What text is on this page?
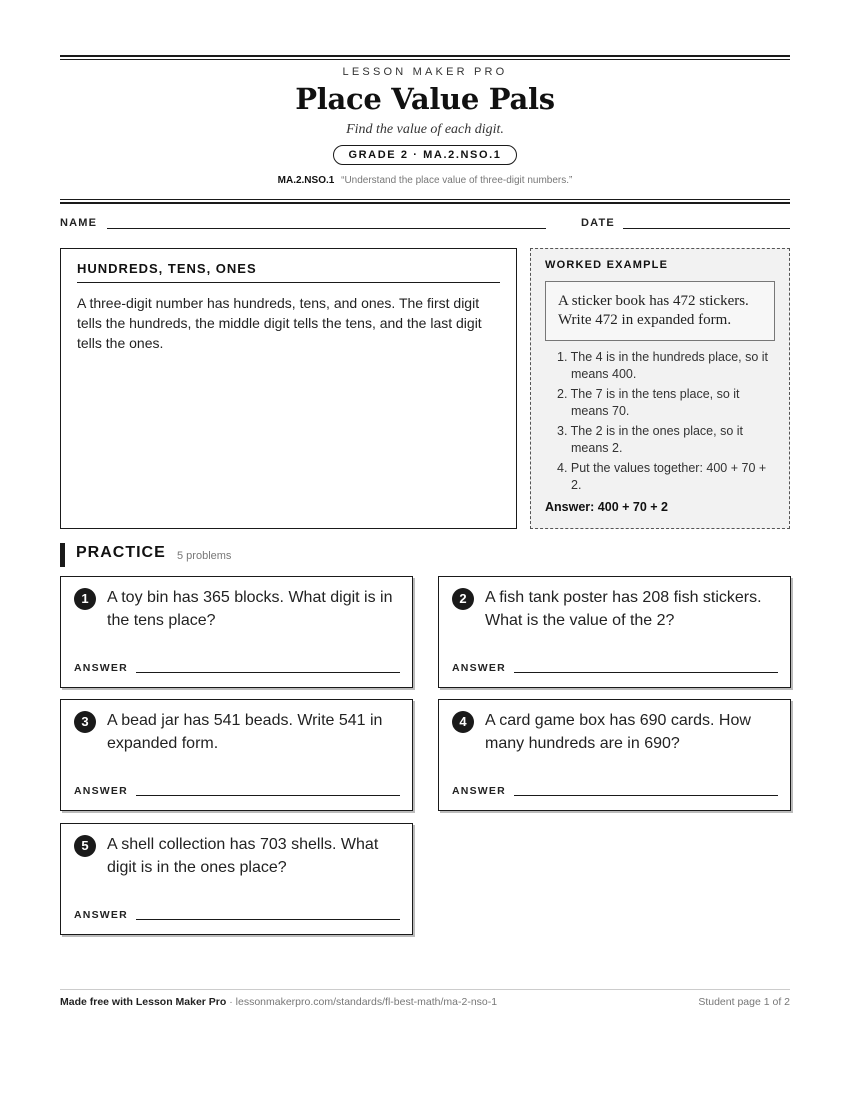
LESSON MAKER PRO
Place Value Pals
Find the value of each digit.
GRADE 2 · MA.2.NSO.1
MA.2.NSO.1 “Understand the place value of three-digit numbers.”
NAME	DATE
HUNDREDS, TENS, ONES
A three-digit number has hundreds, tens, and ones. The first digit tells the hundreds, the middle digit tells the tens, and the last digit tells the ones.
WORKED EXAMPLE
A sticker book has 472 stickers. Write 472 in expanded form.
1. The 4 is in the hundreds place, so it means 400.
2. The 7 is in the tens place, so it means 70.
3. The 2 is in the ones place, so it means 2.
4. Put the values together: 400 + 70 + 2.
Answer: 400 + 70 + 2
PRACTICE 5 problems
1	A toy bin has 365 blocks. What digit is in the tens place?
ANSWER
2	A fish tank poster has 208 fish stickers. What is the value of the 2?
ANSWER
3	A bead jar has 541 beads. Write 541 in expanded form.
ANSWER
4	A card game box has 690 cards. How many hundreds are in 690?
ANSWER
5	A shell collection has 703 shells. What digit is in the ones place?
ANSWER
Made free with Lesson Maker Pro · lessonmakerpro.com/standards/fl-best-math/ma-2-nso-1	Student page 1 of 2
